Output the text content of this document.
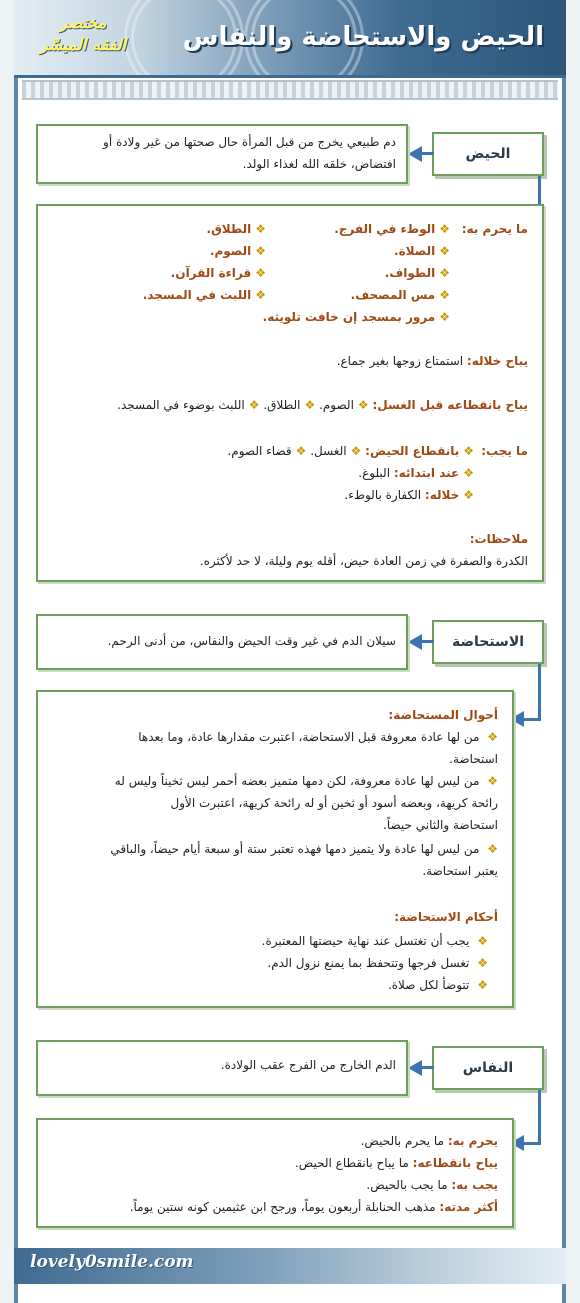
الحيض والاستحاضة والنفاس
مختصر
الفقه الميسّر
الحيض
دم طبيعي يخرج من قبل المرأة حال صحتها من غير ولادة أو
افتضاض، خلقه الله لغذاء الولد.
ما يحرم به:
❖الوطء في الفرج.
❖الصلاة.
❖الطواف.
❖مس المصحف.
❖مرور بمسجد إن خافت تلويثه.
❖الطلاق.
❖الصوم.
❖قراءة القرآن.
❖اللبث في المسجد.
يباح خلاله: استمتاع زوجها بغير جماع.
يباح بانقطاعه قبل الغسل: ❖الصوم. ❖الطلاق. ❖اللبث بوضوء في المسجد.
ما يجب:
❖بانقطاع الحيض: ❖الغسل. ❖قضاء الصوم.
❖عند ابتدائه: البلوغ.
❖خلاله: الكفارة بالوطء.
ملاحظات:
الكدرة والصفرة في زمن العادة حيض، أقله يوم وليلة، لا حد لأكثره.
الاستحاضة
سيلان الدم في غير وقت الحيض والنفاس، من أدنى الرحم.
أحوال المستحاضة:
❖ من لها عادة معروفة قبل الاستحاضة، اعتبرت مقدارها عادة، وما بعدها
استحاضة.
❖ من ليس لها عادة معروفة، لكن دمها متميز بعضه أحمر ليس ثخيناً وليس له
رائحة كريهة، وبعضه أسود أو ثخين أو له رائحة كريهة، اعتبرت الأول
استحاضة والثاني حيضاً.
❖ من ليس لها عادة ولا يتميز دمها فهذه تعتبر ستة أو سبعة أيام حيضاً، والباقي
يعتبر استحاضة.
أحكام الاستحاضة:
❖ يجب أن تغتسل عند نهاية حيضتها المعتبرة.
❖ تغسل فرجها وتتحفظ بما يمنع نزول الدم.
❖ تتوضأ لكل صلاة.
النفاس
الدم الخارج من الفرج عقب الولادة.
يحرم به: ما يحرم بالحيض.
يباح بانقطاعه: ما يباح بانقطاع الحيض.
يجب به: ما يجب بالحيض.
أكثر مدته: مذهب الحنابلة أربعون يوماً، ورجح ابن عثيمين كونه ستين يوماً.
lovely0smile.com
